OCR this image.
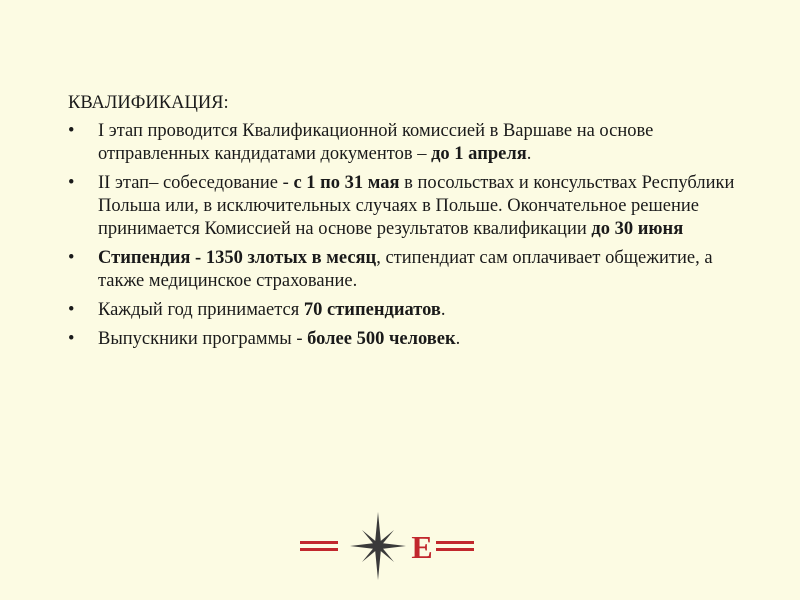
КВАЛИФИКАЦИЯ:

• I этап проводится Квалификационной комиссией в Варшаве на основе отправленных кандидатами документов – до 1 апреля.
• II этап– собеседование - с 1 по 31 мая в посольствах и консульствах Республики Польша или, в исключительных случаях в Польше. Окончательное решение принимается Комиссией на основе результатов квалификации до 30 июня
• Стипендия - 1350 злотых в месяц, стипендиат сам оплачивает общежитие, а также медицинское страхование.
• Каждый год принимается 70 стипендиатов.
• Выпускники программы - более 500 человек.
E
